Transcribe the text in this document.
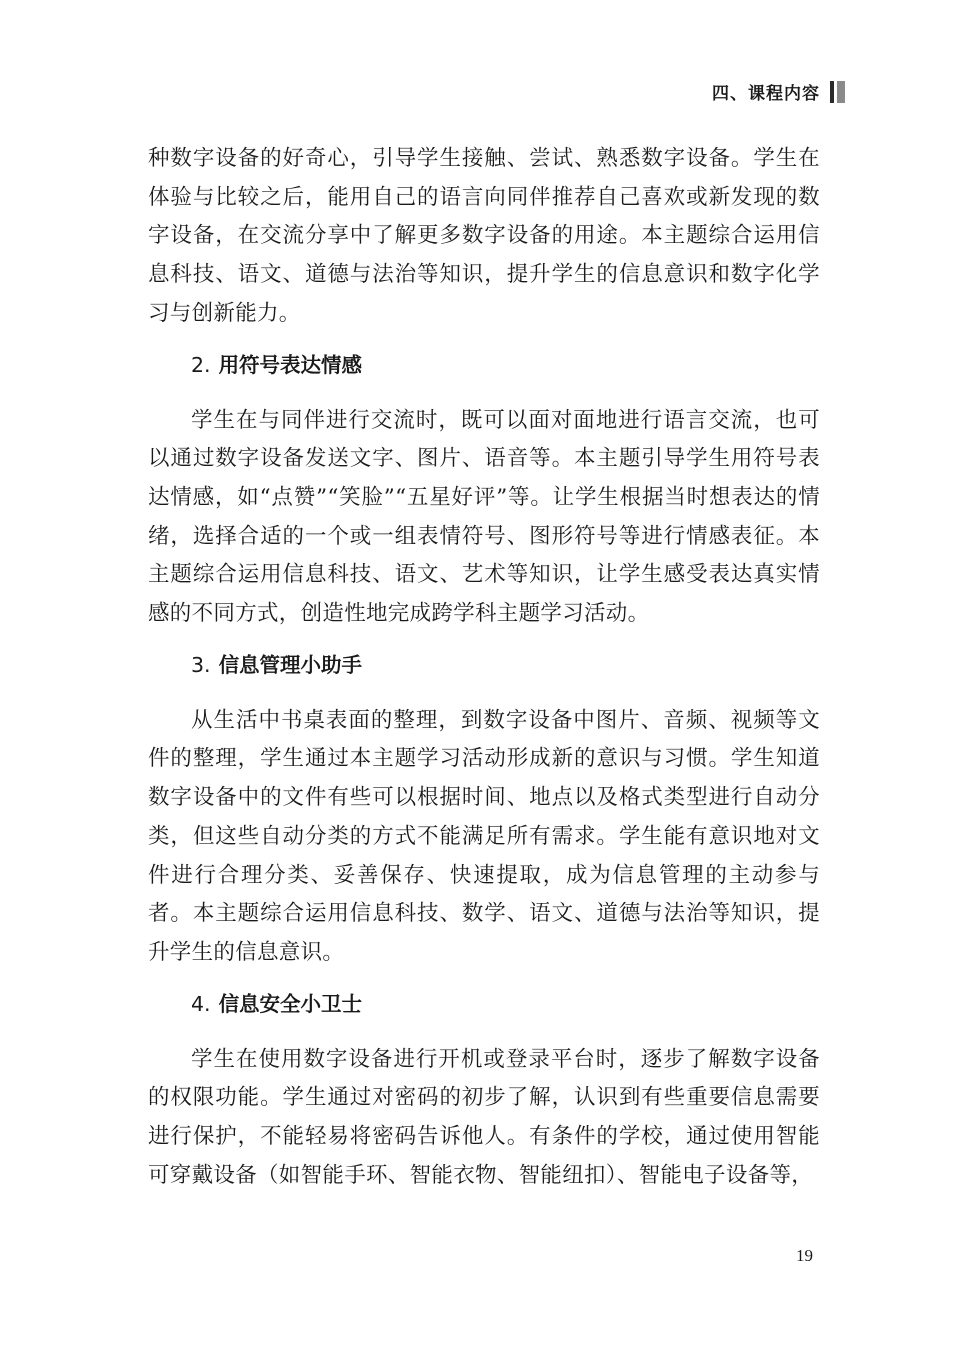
四、课程内容

种数字设备的好奇心，引导学生接触、尝试、熟悉数字设备。学生在体验与比较之后，能用自己的语言向同伴推荐自己喜欢或新发现的数字设备，在交流分享中了解更多数字设备的用途。本主题综合运用信息科技、语文、道德与法治等知识，提升学生的信息意识和数字化学习与创新能力。

2. 用符号表达情感

学生在与同伴进行交流时，既可以面对面地进行语言交流，也可以通过数字设备发送文字、图片、语音等。本主题引导学生用符号表达情感，如“点赞”“笑脸”“五星好评”等。让学生根据当时想表达的情绪，选择合适的一个或一组表情符号、图形符号等进行情感表征。本主题综合运用信息科技、语文、艺术等知识，让学生感受表达真实情感的不同方式，创造性地完成跨学科主题学习活动。

3. 信息管理小助手

从生活中书桌表面的整理，到数字设备中图片、音频、视频等文件的整理，学生通过本主题学习活动形成新的意识与习惯。学生知道数字设备中的文件有些可以根据时间、地点以及格式类型进行自动分类，但这些自动分类的方式不能满足所有需求。学生能有意识地对文件进行合理分类、妥善保存、快速提取，成为信息管理的主动参与者。本主题综合运用信息科技、数学、语文、道德与法治等知识，提升学生的信息意识。

4. 信息安全小卫士

学生在使用数字设备进行开机或登录平台时，逐步了解数字设备的权限功能。学生通过对密码的初步了解，认识到有些重要信息需要进行保护，不能轻易将密码告诉他人。有条件的学校，通过使用智能可穿戴设备（如智能手环、智能衣物、智能纽扣）、智能电子设备等，

19
